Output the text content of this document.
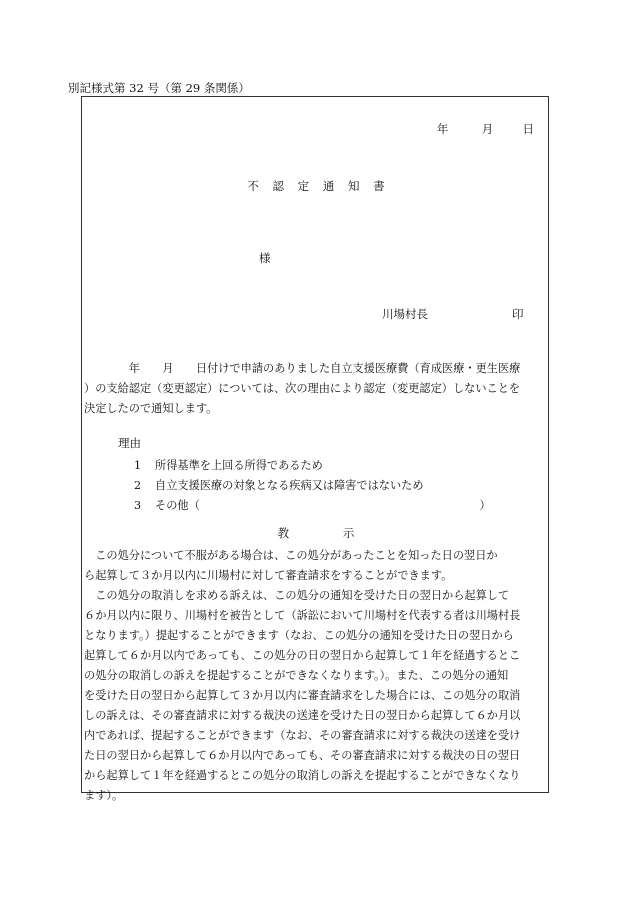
別記様式第 32 号（第 29 条関係）
年	月	日
不 認 定 通 知 書
様
川場村長	印
　　　　年　　月　　日付けで申請のありました自立支援医療費（育成医療・更生医療
）の支給認定（変更認定）については、次の理由により認定（変更認定）しないことを
決定したので通知します。
理由
1 所得基準を上回る所得であるため
2 自立支援医療の対象となる疾病又は障害ではないため
3 その他（　　　　　　　　　　　　　　　　　　　　　　　　　）
教	示
　この処分について不服がある場合は、この処分があったことを知った日の翌日か
ら起算して３か月以内に川場村に対して審査請求をすることができます。
　この処分の取消しを求める訴えは、この処分の通知を受けた日の翌日から起算して
６か月以内に限り、川場村を被告として（訴訟において川場村を代表する者は川場村長
となります。）提起することができます（なお、この処分の通知を受けた日の翌日から
起算して６か月以内であっても、この処分の日の翌日から起算して１年を経過するとこ
の処分の取消しの訴えを提起することができなくなります。）。また、この処分の通知
を受けた日の翌日から起算して３か月以内に審査請求をした場合には、この処分の取消
しの訴えは、その審査請求に対する裁決の送達を受けた日の翌日から起算して６か月以
内であれば、提起することができます（なお、その審査請求に対する裁決の送達を受け
た日の翌日から起算して６か月以内であっても、その審査請求に対する裁決の日の翌日
から起算して１年を経過するとこの処分の取消しの訴えを提起することができなくなり
ます）。
